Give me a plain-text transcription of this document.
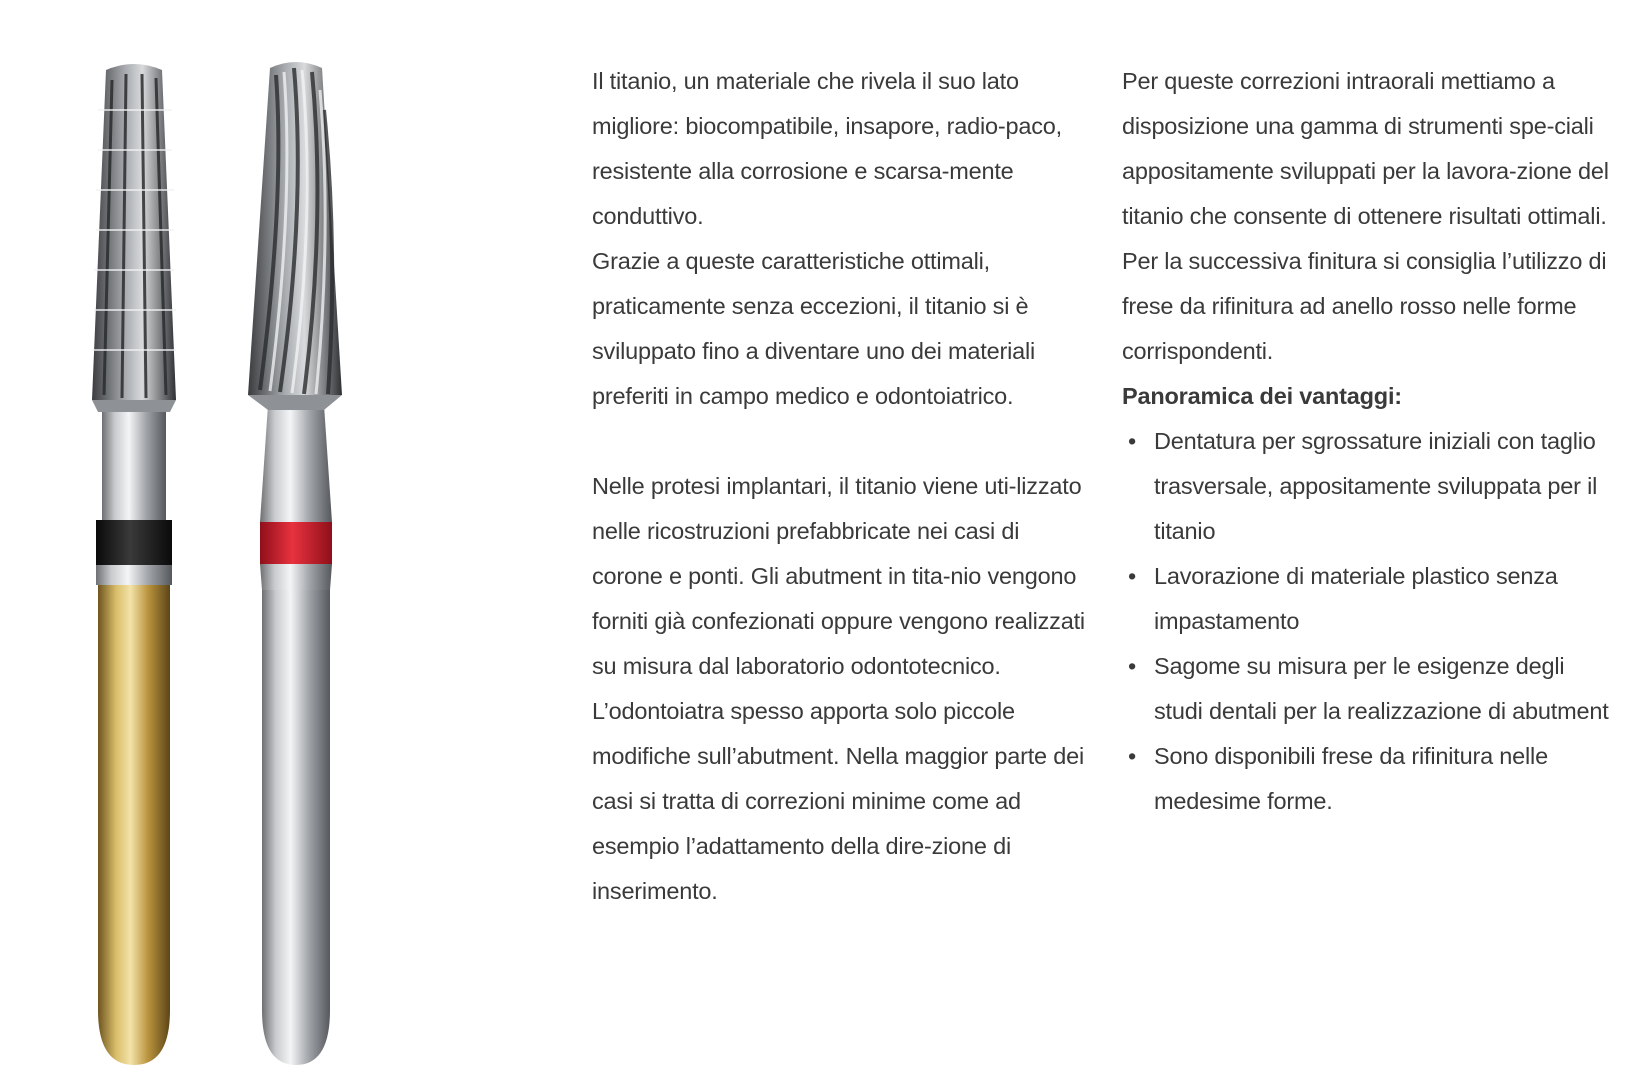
Il titanio, un materiale che rivela il suo lato migliore: biocompatibile, insapore, radio-paco, resistente alla corrosione e scarsa-mente conduttivo.

Grazie a queste caratteristiche ottimali, praticamente senza eccezioni, il titanio si è sviluppato fino a diventare uno dei materiali preferiti in campo medico e odontoiatrico.

Nelle protesi implantari, il titanio viene uti-lizzato nelle ricostruzioni prefabbricate nei casi di corone e ponti. Gli abutment in tita-nio vengono forniti già confezionati oppure vengono realizzati su misura dal laboratorio odontotecnico.

L’odontoiatra spesso apporta solo piccole modifiche sull’abutment. Nella maggior parte dei casi si tratta di correzioni minime come ad esempio l’adattamento della dire-zione di inserimento.

Per queste correzioni intraorali mettiamo a disposizione una gamma di strumenti spe-ciali appositamente sviluppati per la lavora-zione del titanio che consente di ottenere risultati ottimali. Per la successiva finitura si consiglia l’utilizzo di frese da rifinitura ad anello rosso nelle forme corrispondenti.

Panoramica dei vantaggi:

• Dentatura per sgrossature iniziali con taglio trasversale, appositamente sviluppata per il titanio
• Lavorazione di materiale plastico senza impastamento
• Sagome su misura per le esigenze degli studi dentali per la realizzazione di abutment
• Sono disponibili frese da rifinitura nelle medesime forme.
